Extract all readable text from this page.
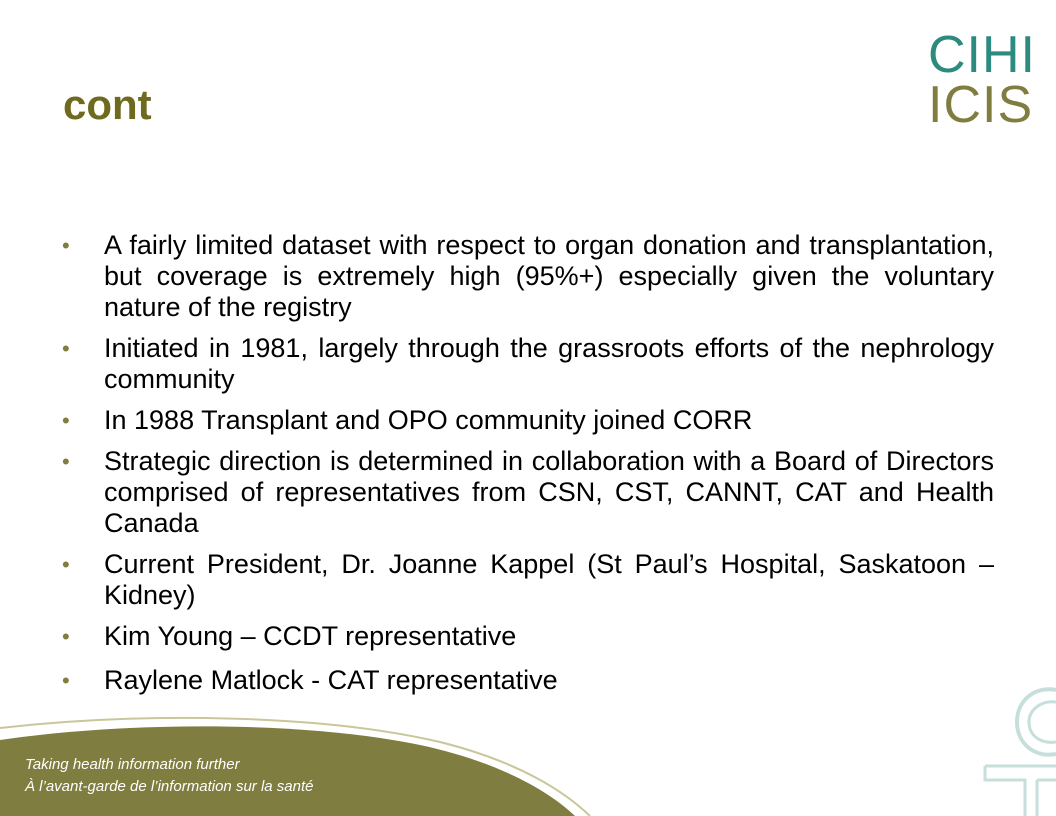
cont
CIHI
ICIS
• A fairly limited dataset with respect to organ donation and transplantation, but coverage is extremely high (95%+) especially given the voluntary nature of the registry
• Initiated in 1981, largely through the grassroots efforts of the nephrology community
• In 1988 Transplant and OPO community joined CORR
• Strategic direction is determined in collaboration with a Board of Directors comprised of representatives from CSN, CST, CANNT, CAT and Health Canada
• Current President, Dr. Joanne Kappel (St Paul’s Hospital, Saskatoon – Kidney)
• Kim Young – CCDT representative
• Raylene Matlock - CAT representative
Taking health information further
À l’avant-garde de l’information sur la santé
